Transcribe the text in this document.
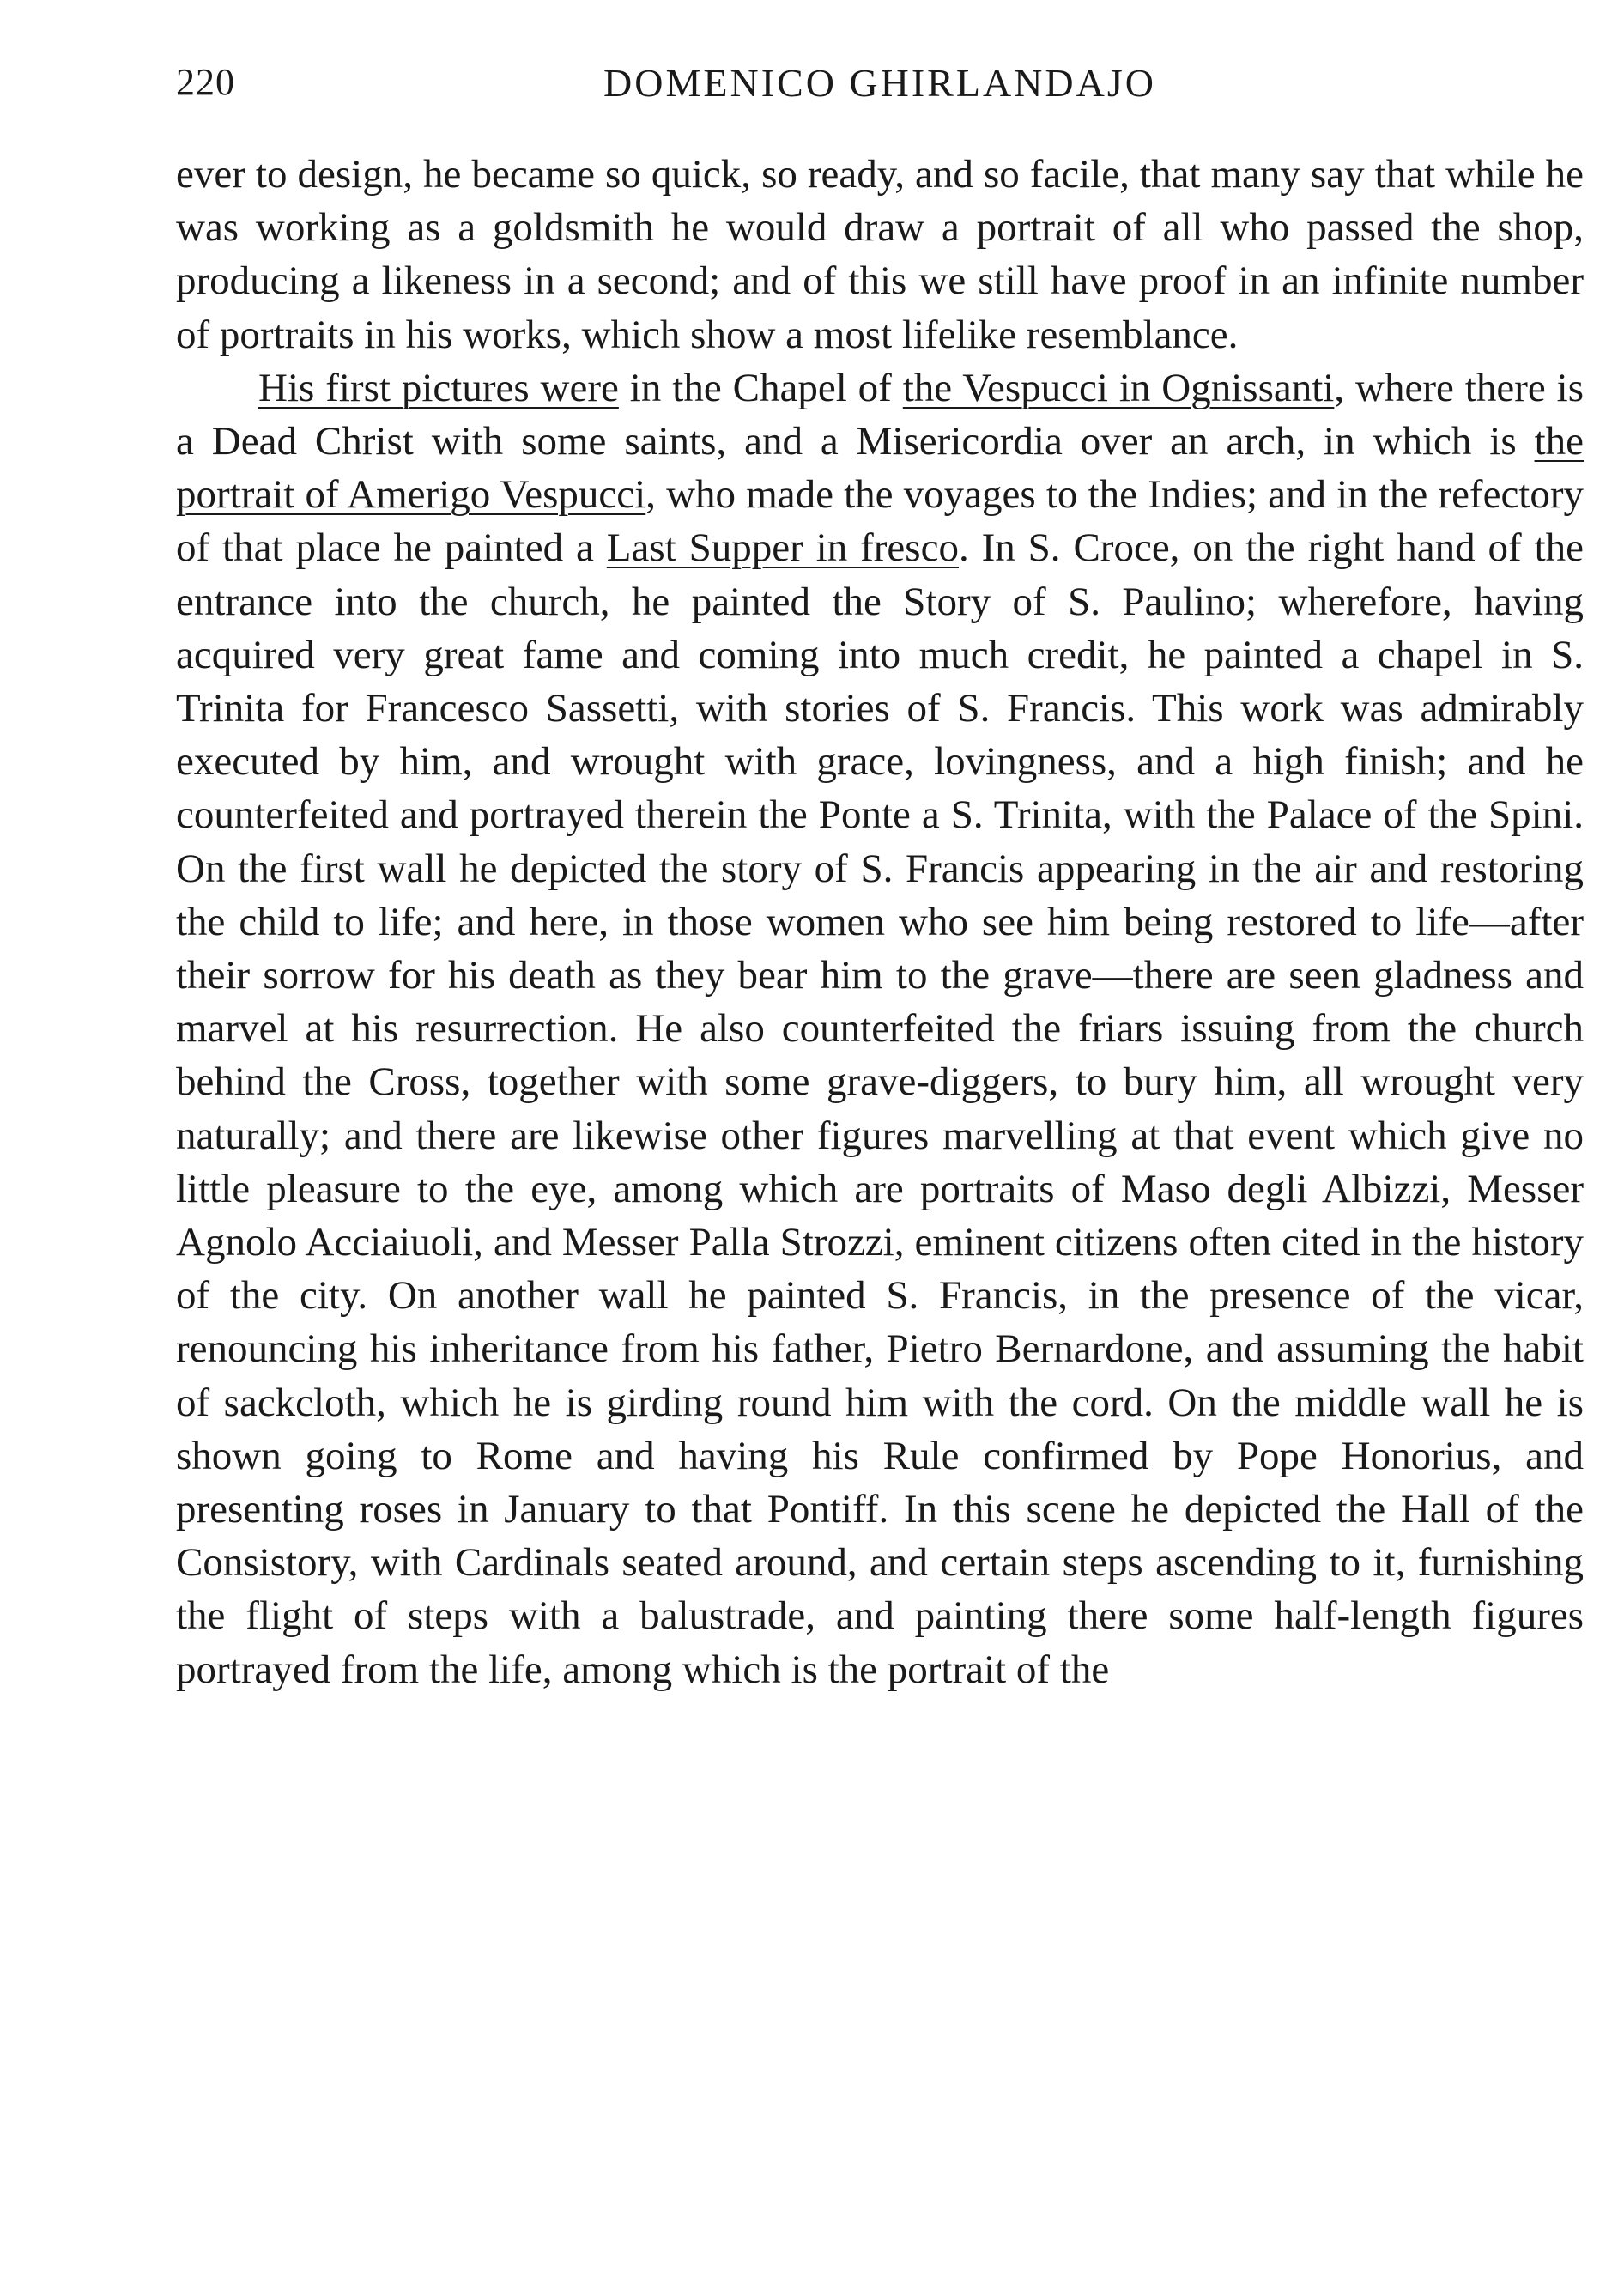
220	DOMENICO GHIRLANDAJO

ever to design, he became so quick, so ready, and so facile, that many say that while he was working as a goldsmith he would draw a portrait of all who passed the shop, producing a likeness in a second; and of this we still have proof in an infinite number of portraits in his works, which show a most lifelike resemblance.

His first pictures were in the Chapel of the Vespucci in Ognissanti, where there is a Dead Christ with some saints, and a Misericordia over an arch, in which is the portrait of Amerigo Vespucci, who made the voyages to the Indies; and in the refectory of that place he painted a Last Supper in fresco. In S. Croce, on the right hand of the entrance into the church, he painted the Story of S. Paulino; wherefore, having acquired very great fame and coming into much credit, he painted a chapel in S. Trinita for Francesco Sassetti, with stories of S. Francis. This work was admirably executed by him, and wrought with grace, lovingness, and a high finish; and he counterfeited and portrayed therein the Ponte a S. Trinita, with the Palace of the Spini. On the first wall he depicted the story of S. Francis appearing in the air and restoring the child to life; and here, in those women who see him being restored to life—after their sorrow for his death as they bear him to the grave—there are seen gladness and marvel at his resurrection. He also counterfeited the friars issuing from the church behind the Cross, together with some grave-diggers, to bury him, all wrought very naturally; and there are likewise other figures marvelling at that event which give no little pleasure to the eye, among which are portraits of Maso degli Albizzi, Messer Agnolo Acciaiuoli, and Messer Palla Strozzi, eminent citizens often cited in the history of the city. On another wall he painted S. Francis, in the presence of the vicar, renouncing his inheritance from his father, Pietro Bernardone, and assuming the habit of sackcloth, which he is girding round him with the cord. On the middle wall he is shown going to Rome and having his Rule confirmed by Pope Honorius, and presenting roses in January to that Pontiff. In this scene he depicted the Hall of the Consistory, with Cardinals seated around, and certain steps ascending to it, furnishing the flight of steps with a balustrade, and painting there some half-length figures portrayed from the life, among which is the portrait of the
